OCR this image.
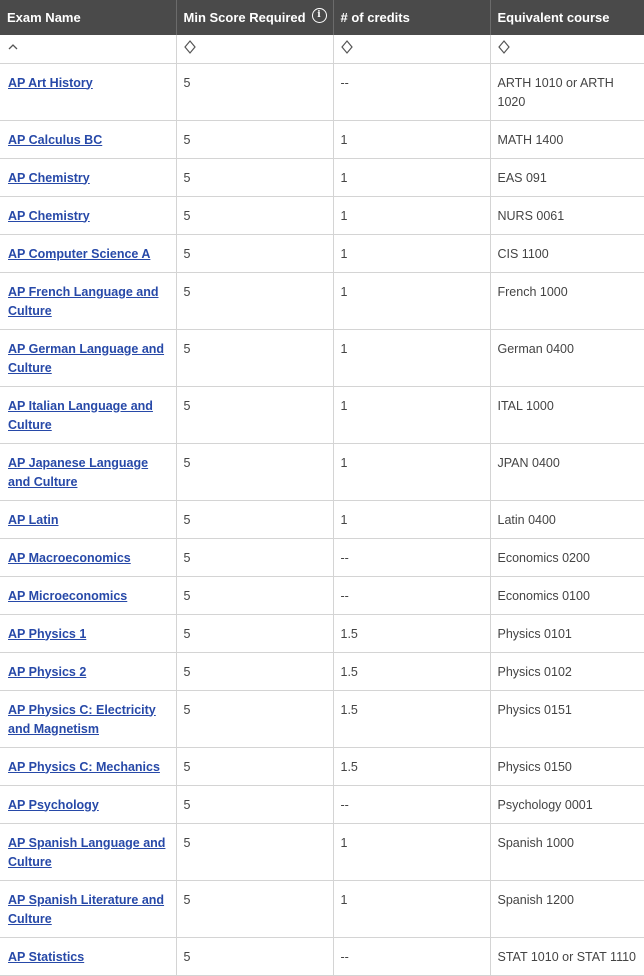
Exam Name	Min Score Required i	# of credits	Equivalent course

AP Art History	5	--	ARTH 1010 or ARTH 1020
AP Calculus BC	5	1	MATH 1400
AP Chemistry	5	1	EAS 091
AP Chemistry	5	1	NURS 0061
AP Computer Science A	5	1	CIS 1100
AP French Language and Culture	5	1	French 1000
AP German Language and Culture	5	1	German 0400
AP Italian Language and Culture	5	1	ITAL 1000
AP Japanese Language and Culture	5	1	JPAN 0400
AP Latin	5	1	Latin 0400
AP Macroeconomics	5	--	Economics 0200
AP Microeconomics	5	--	Economics 0100
AP Physics 1	5	1.5	Physics 0101
AP Physics 2	5	1.5	Physics 0102
AP Physics C: Electricity and Magnetism	5	1.5	Physics 0151
AP Physics C: Mechanics	5	1.5	Physics 0150
AP Psychology	5	--	Psychology 0001
AP Spanish Language and Culture	5	1	Spanish 1000
AP Spanish Literature and Culture	5	1	Spanish 1200
AP Statistics	5	--	STAT 1010 or STAT 1110
